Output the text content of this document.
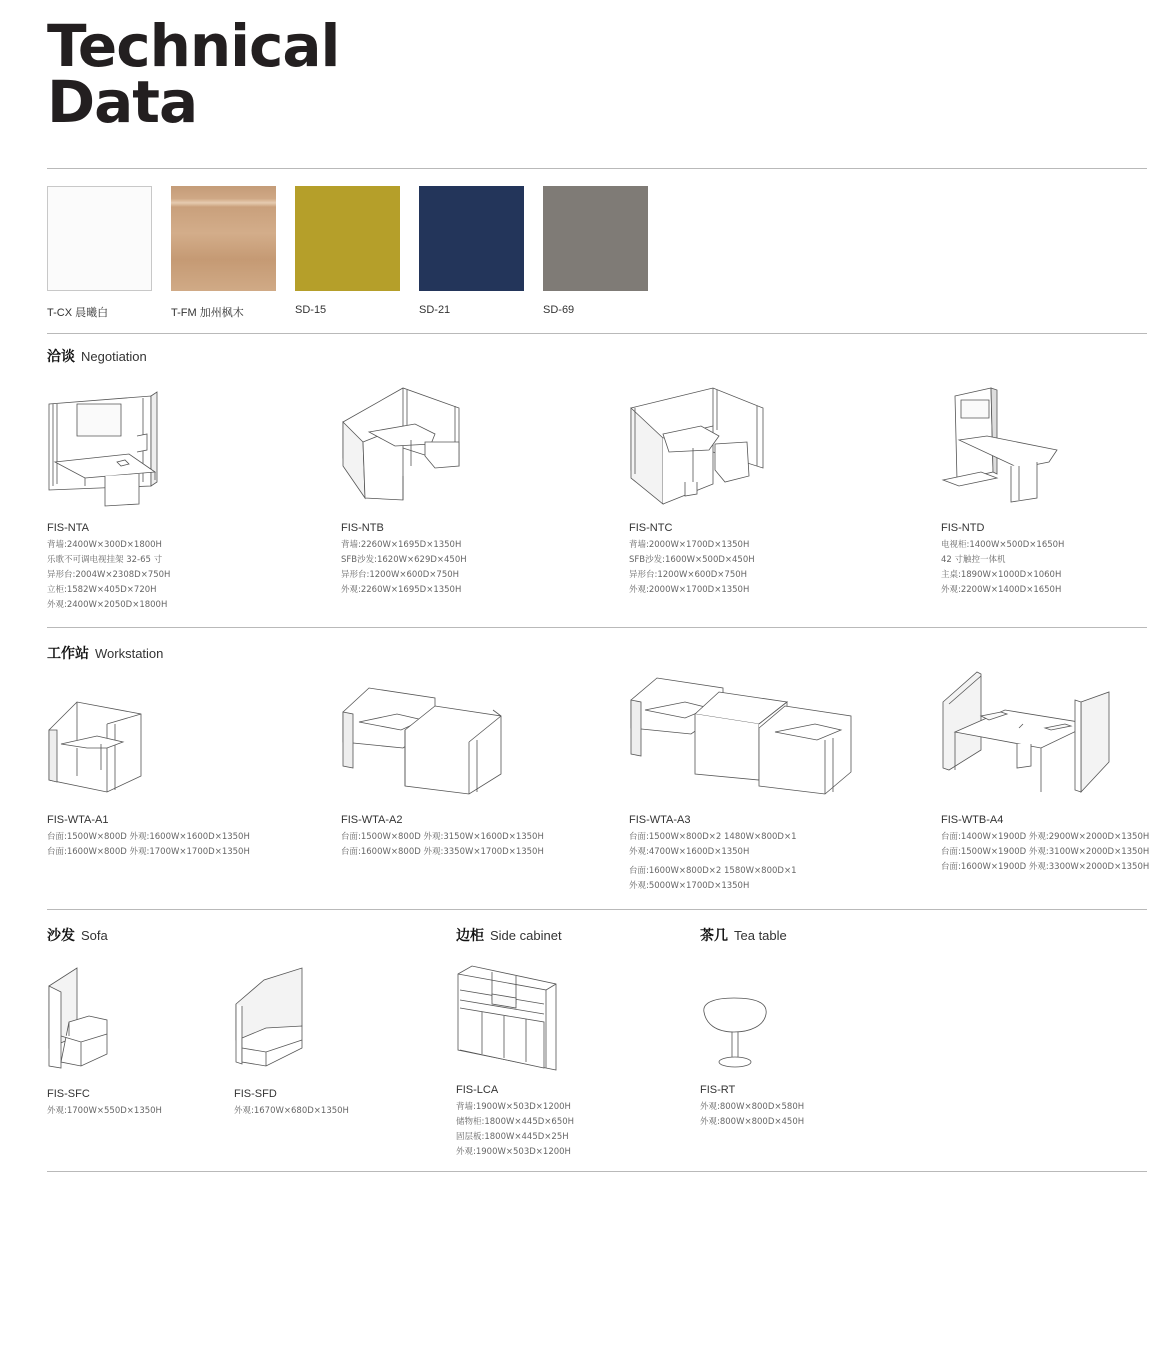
Technical
Data
T-CX 晨曦白	T-FM 加州枫木	SD-15	SD-21	SD-69
洽谈 Negotiation
FIS-NTA
背墙:2400W×300D×1800H
乐歌不可调电视挂架 32-65 寸
异形台:2004W×2308D×750H
立柜:1582W×405D×720H
外观:2400W×2050D×1800H
FIS-NTB
背墙:2260W×1695D×1350H
SFB沙发:1620W×629D×450H
异形台:1200W×600D×750H
外观:2260W×1695D×1350H
FIS-NTC
背墙:2000W×1700D×1350H
SFB沙发:1600W×500D×450H
异形台:1200W×600D×750H
外观:2000W×1700D×1350H
FIS-NTD
电视柜:1400W×500D×1650H
42 寸触控一体机
主桌:1890W×1000D×1060H
外观:2200W×1400D×1650H
工作站 Workstation
FIS-WTA-A1
台面:1500W×800D 外观:1600W×1600D×1350H
台面:1600W×800D 外观:1700W×1700D×1350H
FIS-WTA-A2
台面:1500W×800D 外观:3150W×1600D×1350H
台面:1600W×800D 外观:3350W×1700D×1350H
FIS-WTA-A3
台面:1500W×800D×2 1480W×800D×1
外观:4700W×1600D×1350H
台面:1600W×800D×2 1580W×800D×1
外观:5000W×1700D×1350H
FIS-WTB-A4
台面:1400W×1900D 外观:2900W×2000D×1350H
台面:1500W×1900D 外观:3100W×2000D×1350H
台面:1600W×1900D 外观:3300W×2000D×1350H
沙发 Sofa	边柜 Side cabinet	茶几 Tea table
FIS-SFC
外观:1700W×550D×1350H
FIS-SFD
外观:1670W×680D×1350H
FIS-LCA
背墙:1900W×503D×1200H
储物柜:1800W×445D×650H
固层板:1800W×445D×25H
外观:1900W×503D×1200H
FIS-RT
外观:800W×800D×580H
外观:800W×800D×450H
